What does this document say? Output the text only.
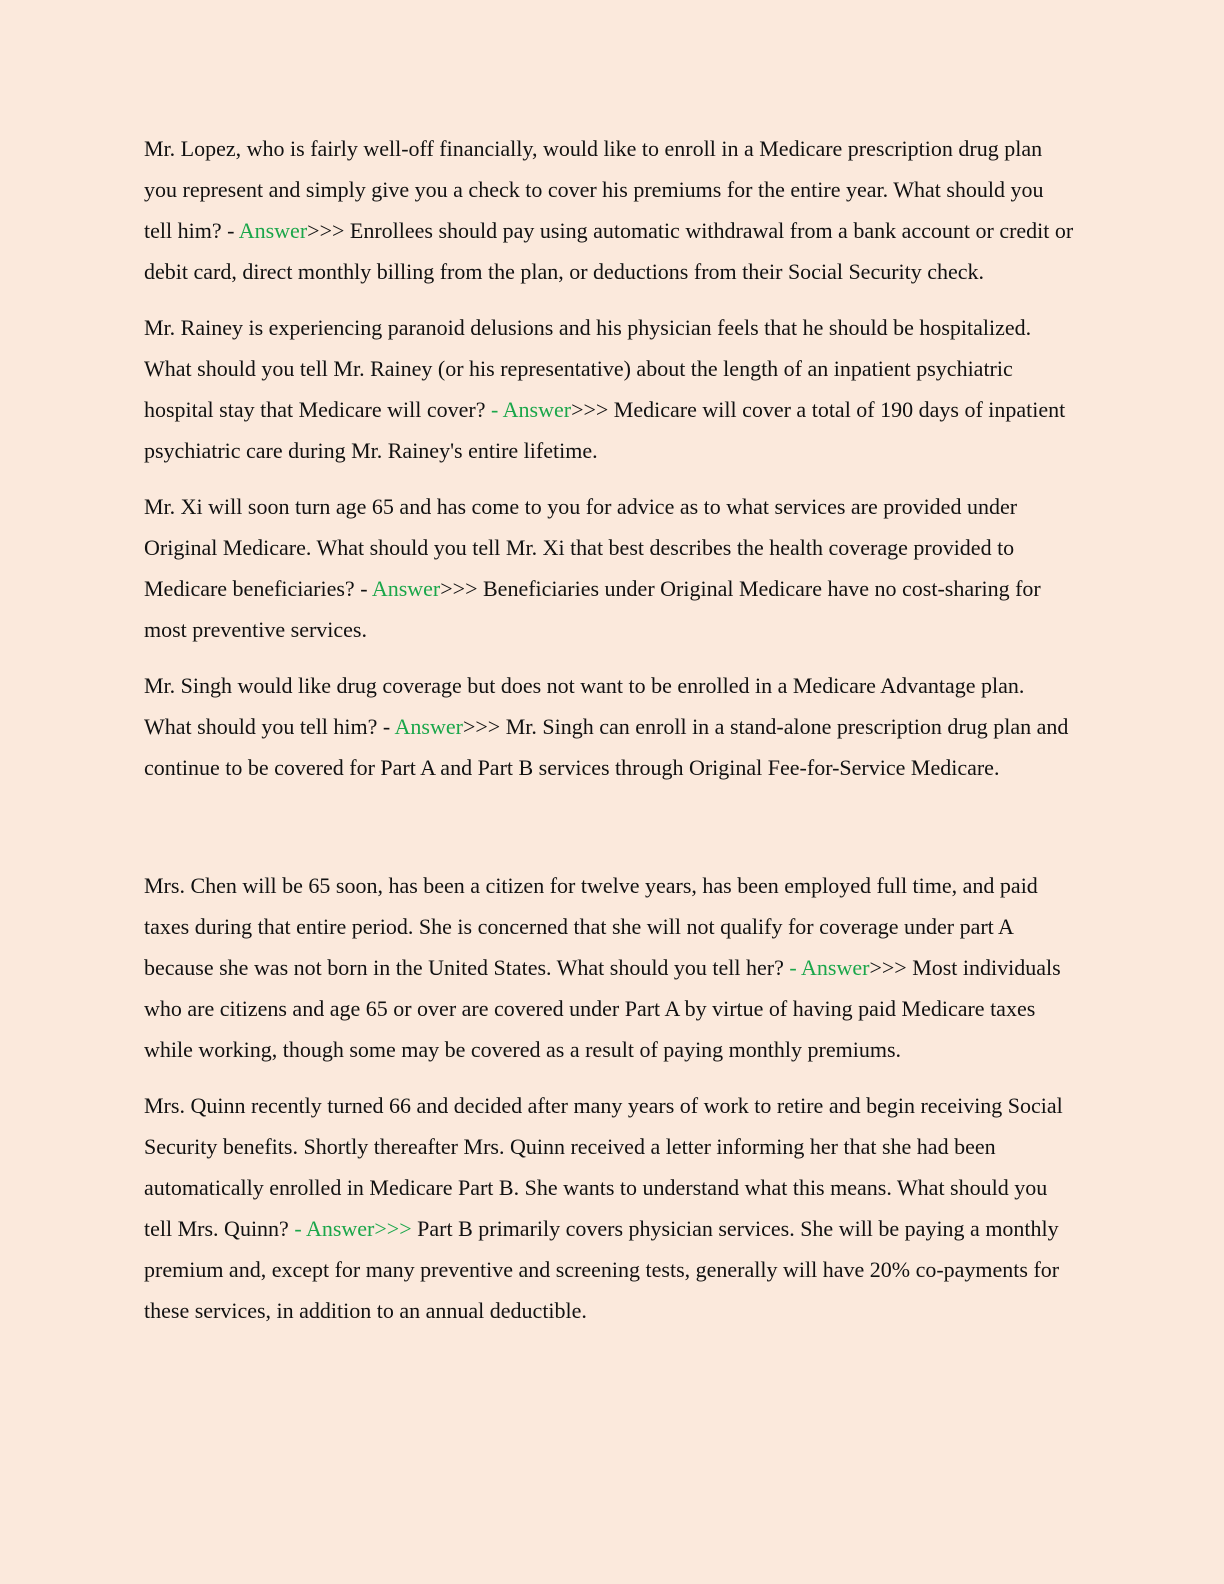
Mr. Lopez, who is fairly well-off financially, would like to enroll in a Medicare prescription drug plan you represent and simply give you a check to cover his premiums for the entire year. What should you tell him? - Answer>>> Enrollees should pay using automatic withdrawal from a bank account or credit or debit card, direct monthly billing from the plan, or deductions from their Social Security check.

Mr. Rainey is experiencing paranoid delusions and his physician feels that he should be hospitalized. What should you tell Mr. Rainey (or his representative) about the length of an inpatient psychiatric hospital stay that Medicare will cover? - Answer>>> Medicare will cover a total of 190 days of inpatient psychiatric care during Mr. Rainey's entire lifetime.

Mr. Xi will soon turn age 65 and has come to you for advice as to what services are provided under Original Medicare. What should you tell Mr. Xi that best describes the health coverage provided to Medicare beneficiaries? - Answer>>> Beneficiaries under Original Medicare have no cost-sharing for most preventive services.

Mr. Singh would like drug coverage but does not want to be enrolled in a Medicare Advantage plan. What should you tell him? - Answer>>> Mr. Singh can enroll in a stand-alone prescription drug plan and continue to be covered for Part A and Part B services through Original Fee-for-Service Medicare.

Mrs. Chen will be 65 soon, has been a citizen for twelve years, has been employed full time, and paid taxes during that entire period. She is concerned that she will not qualify for coverage under part A because she was not born in the United States. What should you tell her? - Answer>>> Most individuals who are citizens and age 65 or over are covered under Part A by virtue of having paid Medicare taxes while working, though some may be covered as a result of paying monthly premiums.

Mrs. Quinn recently turned 66 and decided after many years of work to retire and begin receiving Social Security benefits. Shortly thereafter Mrs. Quinn received a letter informing her that she had been automatically enrolled in Medicare Part B. She wants to understand what this means. What should you tell Mrs. Quinn? - Answer>>> Part B primarily covers physician services. She will be paying a monthly premium and, except for many preventive and screening tests, generally will have 20% co-payments for these services, in addition to an annual deductible.
